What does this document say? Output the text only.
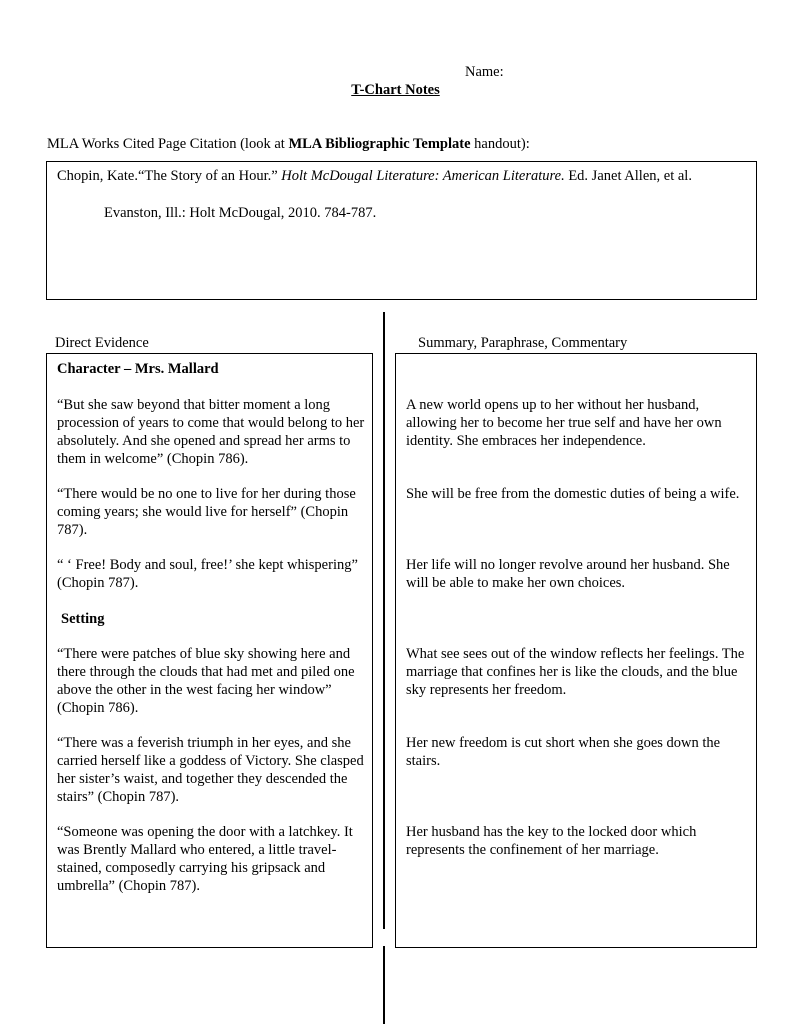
Name:
T-Chart Notes
MLA Works Cited Page Citation (look at MLA Bibliographic Template handout):
Chopin, Kate.“The Story of an Hour.” Holt McDougal Literature: American Literature. Ed. Janet Allen, et al.
Evanston, Ill.: Holt McDougal, 2010. 784-787.
Direct Evidence	Summary, Paraphrase, Commentary
Character – Mrs. Mallard
“But she saw beyond that bitter moment a long procession of years to come that would belong to her absolutely. And she opened and spread her arms to them in welcome” (Chopin 786).
“There would be no one to live for her during those coming years; she would live for herself” (Chopin 787).
“ ‘ Free! Body and soul, free!’ she kept whispering” (Chopin 787).
Setting
“There were patches of blue sky showing here and there through the clouds that had met and piled one above the other in the west facing her window” (Chopin 786).
“There was a feverish triumph in her eyes, and she carried herself like a goddess of Victory. She clasped her sister’s waist, and together they descended the stairs” (Chopin 787).
“Someone was opening the door with a latchkey. It was Brently Mallard who entered, a little travel-stained, composedly carrying his gripsack and umbrella” (Chopin 787).
A new world opens up to her without her husband, allowing her to become her true self and have her own identity. She embraces her independence.
She will be free from the domestic duties of being a wife.
Her life will no longer revolve around her husband. She will be able to make her own choices.
What see sees out of the window reflects her feelings. The marriage that confines her is like the clouds, and the blue sky represents her freedom.
Her new freedom is cut short when she goes down the stairs.
Her husband has the key to the locked door which represents the confinement of her marriage.
